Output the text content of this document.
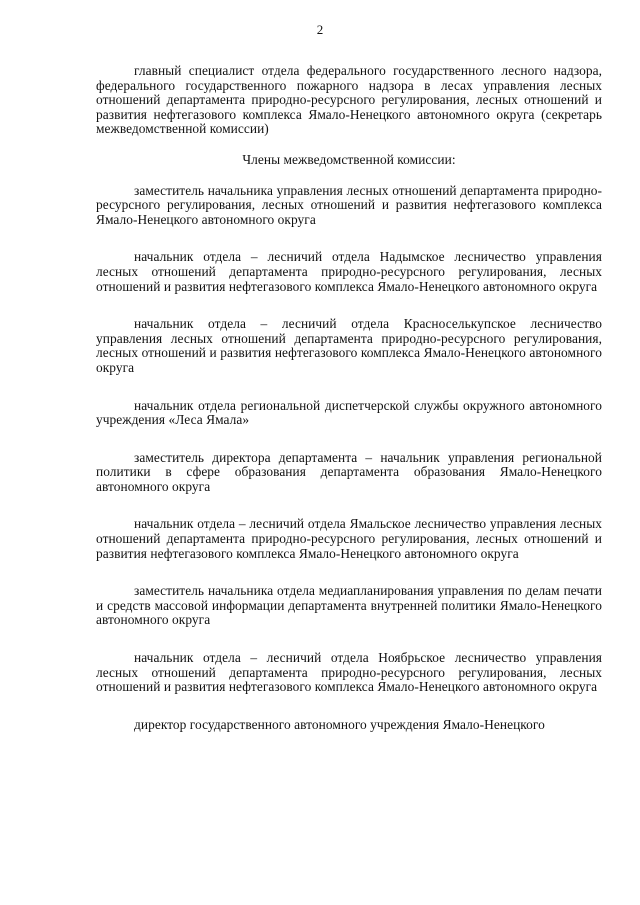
2

главный специалист отдела федерального государственного лесного надзора, федерального государственного пожарного надзора в лесах управления лесных отношений департамента природно-ресурсного регулирования, лесных отношений и развития нефтегазового комплекса Ямало-Ненецкого автономного округа (секретарь межведомственной комиссии)

Члены межведомственной комиссии:

заместитель начальника управления лесных отношений департамента природно-ресурсного регулирования, лесных отношений и развития нефтегазового комплекса Ямало-Ненецкого автономного округа

начальник отдела – лесничий отдела Надымское лесничество управления лесных отношений департамента природно-ресурсного регулирования, лесных отношений и развития нефтегазового комплекса Ямало-Ненецкого автономного округа

начальник отдела – лесничий отдела Красноселькупское лесничество управления лесных отношений департамента природно-ресурсного регулирования, лесных отношений и развития нефтегазового комплекса Ямало-Ненецкого автономного округа

начальник отдела региональной диспетчерской службы окружного автономного учреждения «Леса Ямала»

заместитель директора департамента – начальник управления региональной политики в сфере образования департамента образования Ямало-Ненецкого автономного округа

начальник отдела – лесничий отдела Ямальское лесничество управления лесных отношений департамента природно-ресурсного регулирования, лесных отношений и развития нефтегазового комплекса Ямало-Ненецкого автономного округа

заместитель начальника отдела медиапланирования управления по делам печати и средств массовой информации департамента внутренней политики Ямало-Ненецкого автономного округа

начальник отдела – лесничий отдела Ноябрьское лесничество управления лесных отношений департамента природно-ресурсного регулирования, лесных отношений и развития нефтегазового комплекса Ямало-Ненецкого автономного округа

директор государственного автономного учреждения Ямало-Ненецкого
